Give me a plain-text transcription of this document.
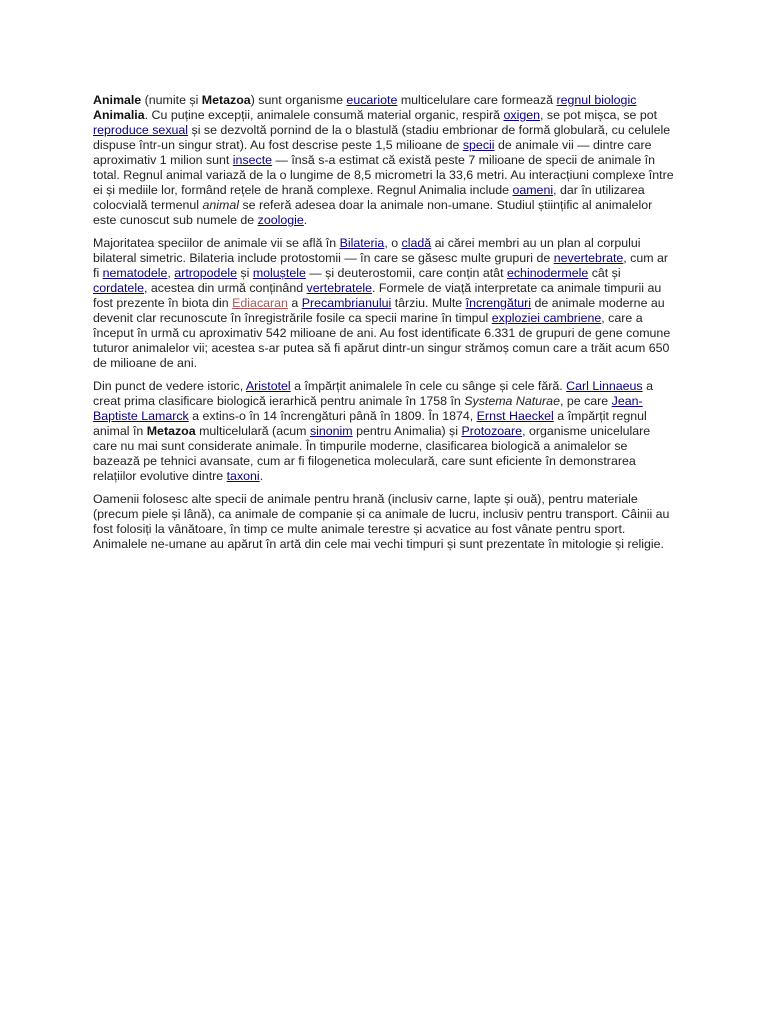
Animale (numite și Metazoa) sunt organisme eucariote multicelulare care formează regnul biologic Animalia. Cu puține excepții, animalele consumă material organic, respiră oxigen, se pot mișca, se pot reproduce sexual și se dezvoltă pornind de la o blastulă (stadiu embrionar de formă globulară, cu celulele dispuse într-un singur strat). Au fost descrise peste 1,5 milioane de specii de animale vii — dintre care aproximativ 1 milion sunt insecte — însă s-a estimat că există peste 7 milioane de specii de animale în total. Regnul animal variază de la o lungime de 8,5 micrometri la 33,6 metri. Au interacțiuni complexe între ei și mediile lor, formând rețele de hrană complexe. Regnul Animalia include oameni, dar în utilizarea colocvială termenul animal se referă adesea doar la animale non-umane. Studiul științific al animalelor este cunoscut sub numele de zoologie.

Majoritatea speciilor de animale vii se află în Bilateria, o cladă ai cărei membri au un plan al corpului bilateral simetric. Bilateria include protostomii — în care se găsesc multe grupuri de nevertebrate, cum ar fi nematodele, artropodele și moluștele — și deuterostomii, care conțin atât echinodermele cât și cordatele, acestea din urmă conținând vertebratele. Formele de viață interpretate ca animale timpurii au fost prezente în biota din Ediacaran a Precambrianului târziu. Multe încrengături de animale moderne au devenit clar recunoscute în înregistrările fosile ca specii marine în timpul exploziei cambriene, care a început în urmă cu aproximativ 542 milioane de ani. Au fost identificate 6.331 de grupuri de gene comune tuturor animalelor vii; acestea s-ar putea să fi apărut dintr-un singur strămoș comun care a trăit acum 650 de milioane de ani.

Din punct de vedere istoric, Aristotel a împărțit animalele în cele cu sânge și cele fără. Carl Linnaeus a creat prima clasificare biologică ierarhică pentru animale în 1758 în Systema Naturae, pe care Jean-Baptiste Lamarck a extins-o în 14 încrengături până în 1809. În 1874, Ernst Haeckel a împărțit regnul animal în Metazoa multicelulară (acum sinonim pentru Animalia) și Protozoare, organisme unicelulare care nu mai sunt considerate animale. În timpurile moderne, clasificarea biologică a animalelor se bazează pe tehnici avansate, cum ar fi filogenetica moleculară, care sunt eficiente în demonstrarea relațiilor evolutive dintre taxoni.

Oamenii folosesc alte specii de animale pentru hrană (inclusiv carne, lapte și ouă), pentru materiale (precum piele și lână), ca animale de companie și ca animale de lucru, inclusiv pentru transport. Câinii au fost folosiți la vânătoare, în timp ce multe animale terestre și acvatice au fost vânate pentru sport. Animalele ne-umane au apărut în artă din cele mai vechi timpuri și sunt prezentate în mitologie și religie.
